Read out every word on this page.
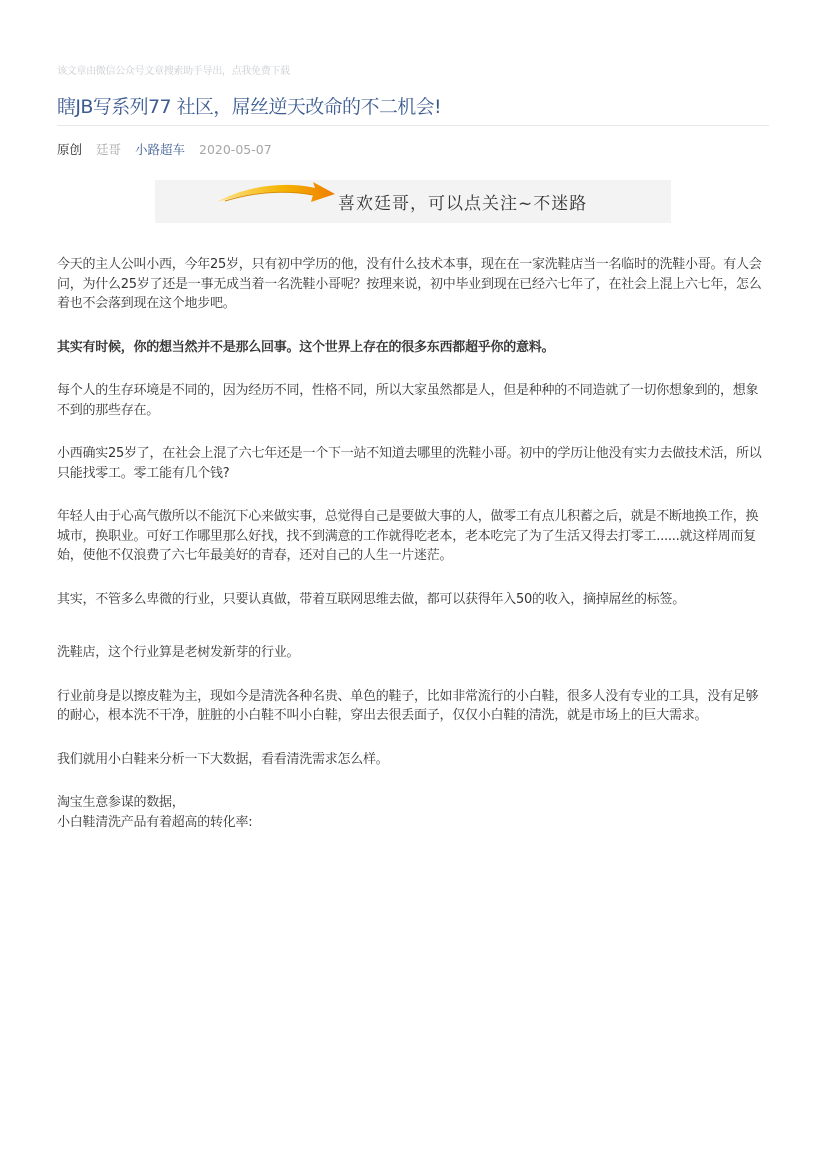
该文章由微信公众号文章搜索助手导出，点我免费下载
瞎JB写系列77 社区，屌丝逆天改命的不二机会!
原创 廷哥 小路超车 2020-05-07
喜欢廷哥，可以点关注~不迷路

今天的主人公叫小西，今年25岁，只有初中学历的他，没有什么技术本事，现在在一家洗鞋店当一名临时的洗鞋小哥。有人会问，为什么25岁了还是一事无成当着一名洗鞋小哥呢？按理来说，初中毕业到现在已经六七年了，在社会上混上六七年，怎么着也不会落到现在这个地步吧。

其实有时候，你的想当然并不是那么回事。这个世界上存在的很多东西都超乎你的意料。

每个人的生存环境是不同的，因为经历不同，性格不同，所以大家虽然都是人，但是种种的不同造就了一切你想象到的，想象不到的那些存在。

小西确实25岁了，在社会上混了六七年还是一个下一站不知道去哪里的洗鞋小哥。初中的学历让他没有实力去做技术活，所以只能找零工。零工能有几个钱?

年轻人由于心高气傲所以不能沉下心来做实事，总觉得自己是要做大事的人，做零工有点儿积蓄之后，就是不断地换工作，换城市，换职业。可好工作哪里那么好找，找不到满意的工作就得吃老本，老本吃完了为了生活又得去打零工......就这样周而复始，使他不仅浪费了六七年最美好的青春，还对自己的人生一片迷茫。

其实，不管多么卑微的行业，只要认真做，带着互联网思维去做，都可以获得年入50的收入，摘掉屌丝的标签。

洗鞋店，这个行业算是老树发新芽的行业。

行业前身是以擦皮鞋为主，现如今是清洗各种名贵、单色的鞋子，比如非常流行的小白鞋，很多人没有专业的工具，没有足够的耐心，根本洗不干净，脏脏的小白鞋不叫小白鞋，穿出去很丢面子，仅仅小白鞋的清洗，就是市场上的巨大需求。

我们就用小白鞋来分析一下大数据，看看清洗需求怎么样。

淘宝生意参谋的数据，

小白鞋清洗产品有着超高的转化率:
